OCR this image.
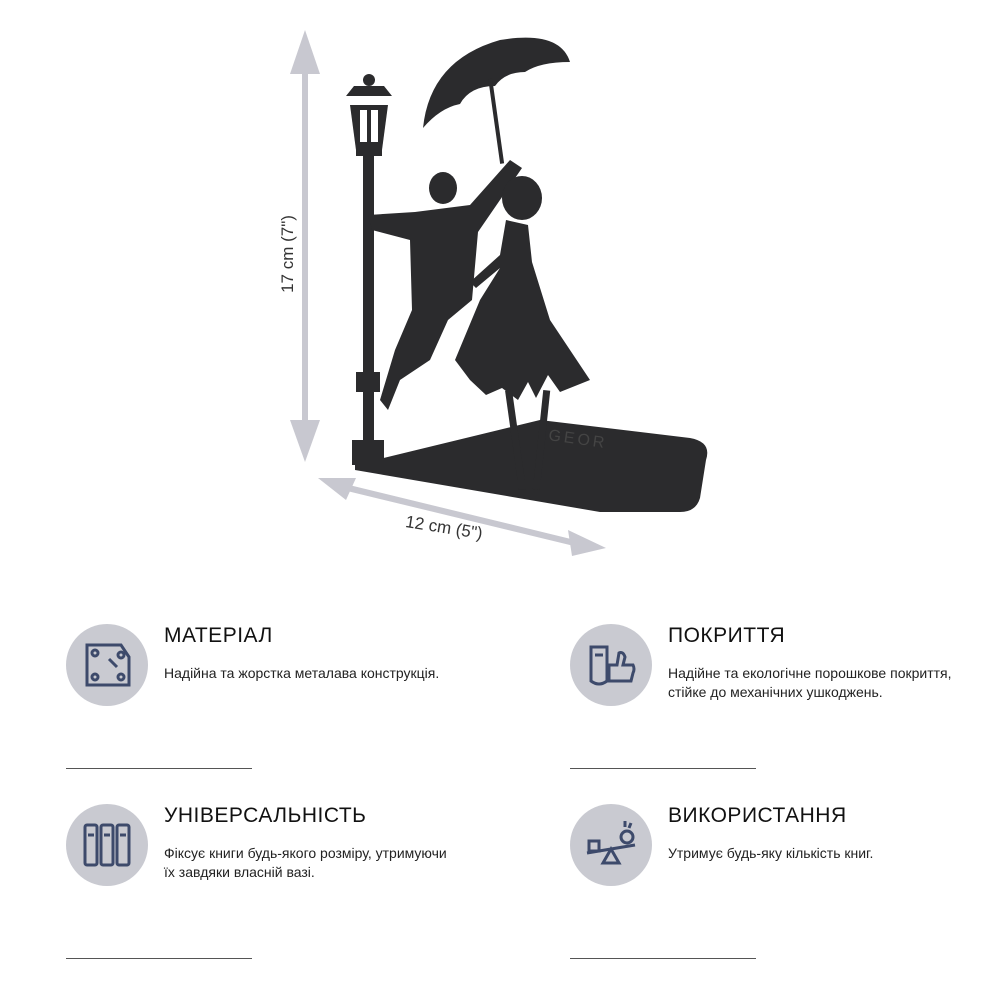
GEOR
17 cm (7")
12 cm (5")
МАТЕРІАЛ
Надійна та жорстка металава конструкція.
ПОКРИТТЯ
Надійне та екологічне порошкове покриття, стійке до механічних ушкоджень.
УНІВЕРСАЛЬНІСТЬ
Фіксує книги будь-якого розміру, утримуючи їх завдяки власній вазі.
ВИКОРИСТАННЯ
Утримує будь-яку кількість книг.
